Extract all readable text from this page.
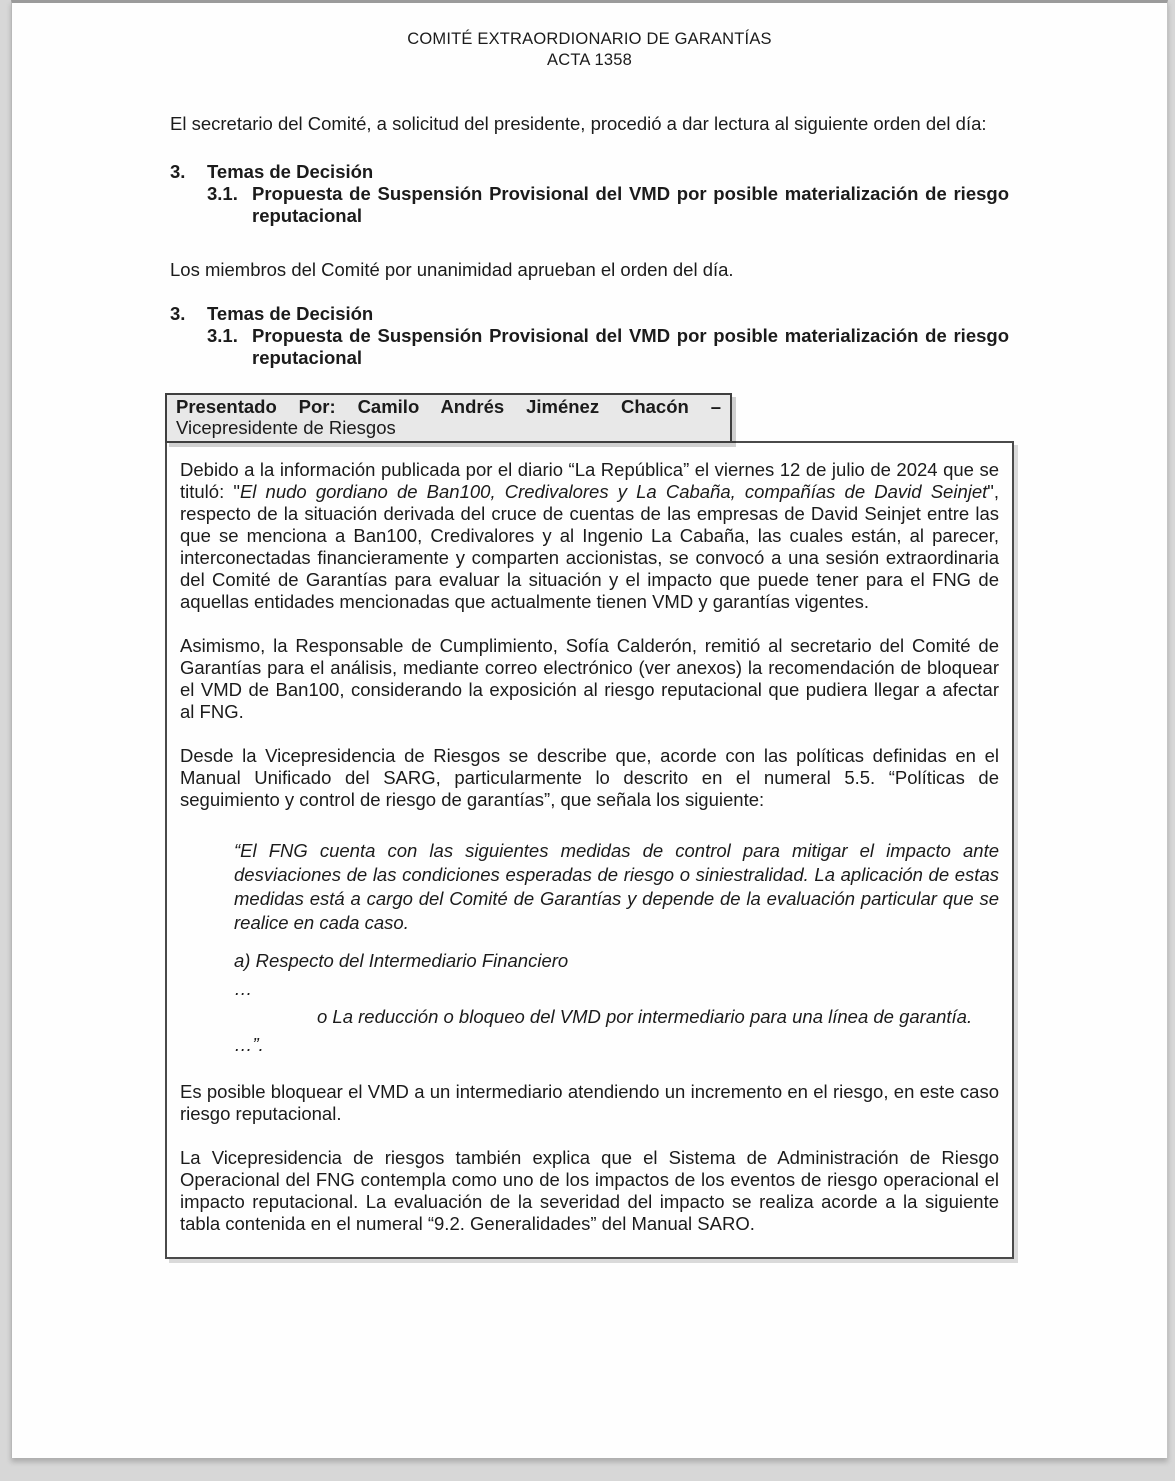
COMITÉ EXTRAORDIONARIO DE GARANTÍAS
ACTA 1358

El secretario del Comité, a solicitud del presidente, procedió a dar lectura al siguiente orden del día:

3.	Temas de Decisión
3.1. Propuesta de Suspensión Provisional del VMD por posible materialización de riesgo reputacional

Los miembros del Comité por unanimidad aprueban el orden del día.

3.	Temas de Decisión
3.1. Propuesta de Suspensión Provisional del VMD por posible materialización de riesgo reputacional
Presentado Por: Camilo Andrés Jiménez Chacón –
Vicepresidente de Riesgos

Debido a la información publicada por el diario “La República” el viernes 12 de julio de 2024 que se tituló: "El nudo gordiano de Ban100, Credivalores y La Cabaña, compañías de David Seinjet", respecto de la situación derivada del cruce de cuentas de las empresas de David Seinjet entre las que se menciona a Ban100, Credivalores y al Ingenio La Cabaña, las cuales están, al parecer, interconectadas financieramente y comparten accionistas, se convocó a una sesión extraordinaria del Comité de Garantías para evaluar la situación y el impacto que puede tener para el FNG de aquellas entidades mencionadas que actualmente tienen VMD y garantías vigentes.

Asimismo, la Responsable de Cumplimiento, Sofía Calderón, remitió al secretario del Comité de Garantías para el análisis, mediante correo electrónico (ver anexos) la recomendación de bloquear el VMD de Ban100, considerando la exposición al riesgo reputacional que pudiera llegar a afectar al FNG.

Desde la Vicepresidencia de Riesgos se describe que, acorde con las políticas definidas en el Manual Unificado del SARG, particularmente lo descrito en el numeral 5.5. “Políticas de seguimiento y control de riesgo de garantías”, que señala los siguiente:

“El FNG cuenta con las siguientes medidas de control para mitigar el impacto ante desviaciones de las condiciones esperadas de riesgo o siniestralidad. La aplicación de estas medidas está a cargo del Comité de Garantías y depende de la evaluación particular que se realice en cada caso.

a) Respecto del Intermediario Financiero

…

o La reducción o bloqueo del VMD por intermediario para una línea de garantía.

…”.

Es posible bloquear el VMD a un intermediario atendiendo un incremento en el riesgo, en este caso riesgo reputacional.

La Vicepresidencia de riesgos también explica que el Sistema de Administración de Riesgo Operacional del FNG contempla como uno de los impactos de los eventos de riesgo operacional el impacto reputacional. La evaluación de la severidad del impacto se realiza acorde a la siguiente tabla contenida en el numeral “9.2. Generalidades” del Manual SARO.
